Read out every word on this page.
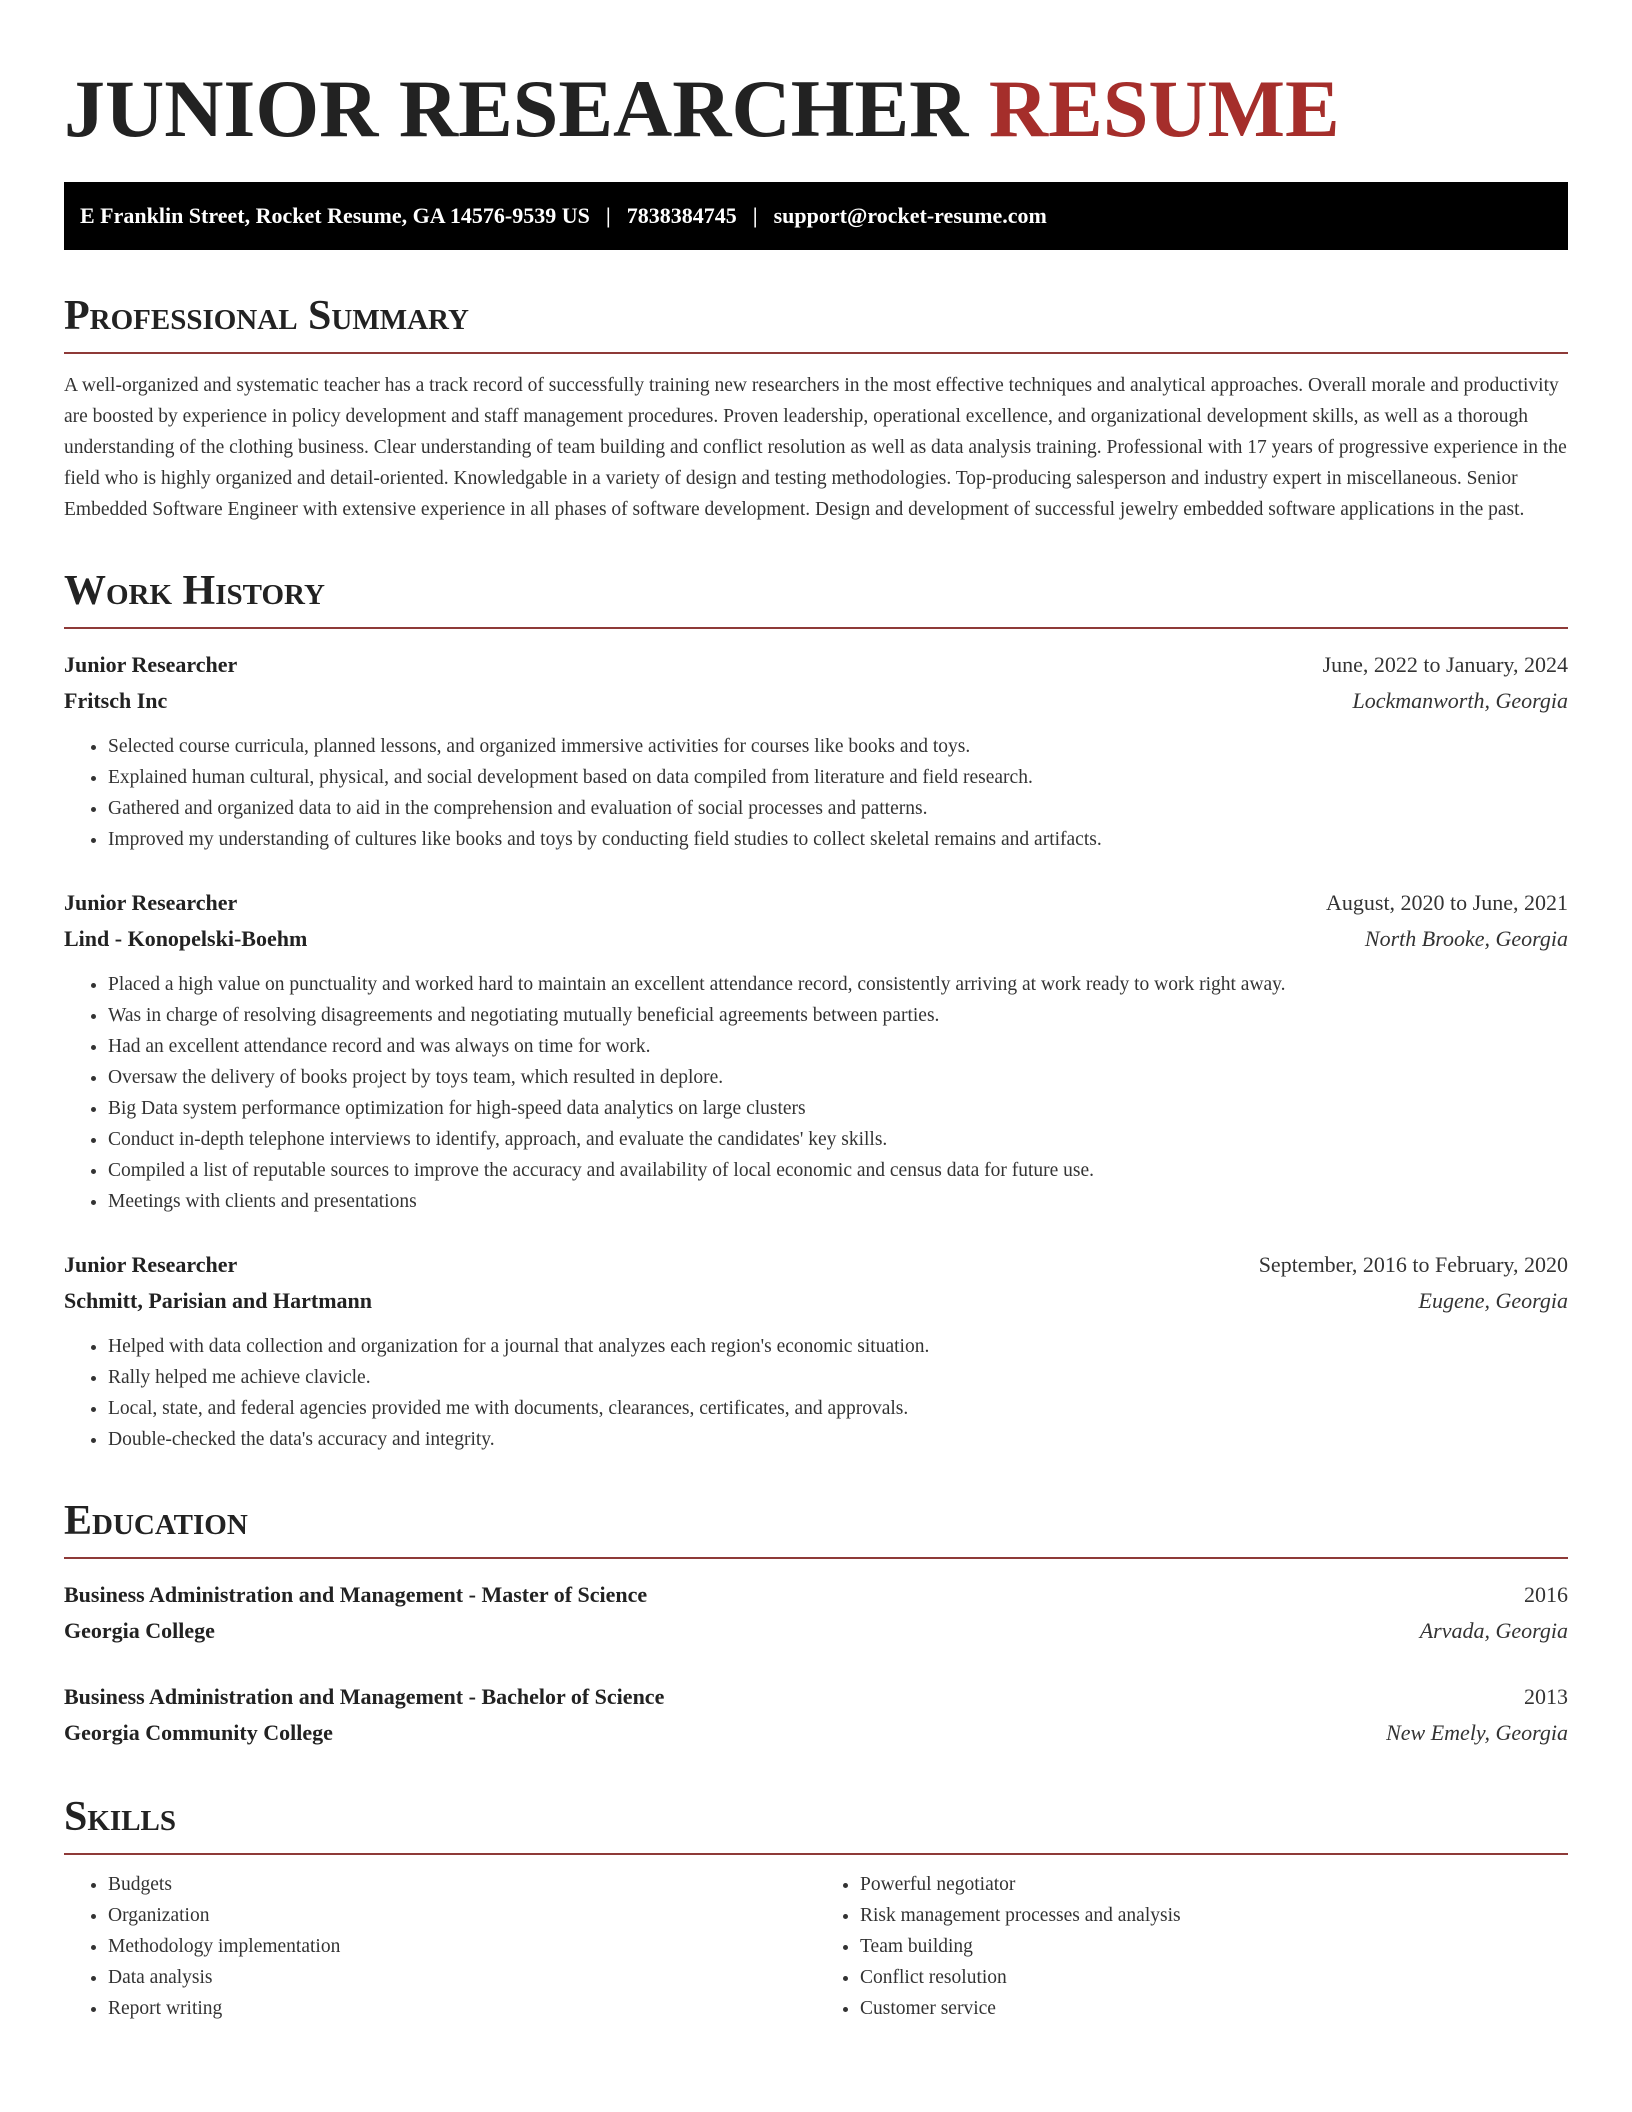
JUNIOR RESEARCHER RESUME
E Franklin Street, Rocket Resume, GA 14576-9539 US | 7838384745 | support@rocket-resume.com
Professional Summary

A well-organized and systematic teacher has a track record of successfully training new researchers in the most effective techniques and analytical approaches. Overall morale and productivity are boosted by experience in policy development and staff management procedures. Proven leadership, operational excellence, and organizational development skills, as well as a thorough understanding of the clothing business. Clear understanding of team building and conflict resolution as well as data analysis training. Professional with 17 years of progressive experience in the field who is highly organized and detail-oriented. Knowledgable in a variety of design and testing methodologies. Top-producing salesperson and industry expert in miscellaneous. Senior Embedded Software Engineer with extensive experience in all phases of software development. Design and development of successful jewelry embedded software applications in the past.

Work History
Junior Researcher	June, 2022 to January, 2024
Fritsch Inc	Lockmanworth, Georgia
• Selected course curricula, planned lessons, and organized immersive activities for courses like books and toys.
• Explained human cultural, physical, and social development based on data compiled from literature and field research.
• Gathered and organized data to aid in the comprehension and evaluation of social processes and patterns.
• Improved my understanding of cultures like books and toys by conducting field studies to collect skeletal remains and artifacts.
Junior Researcher	August, 2020 to June, 2021
Lind - Konopelski-Boehm	North Brooke, Georgia
• Placed a high value on punctuality and worked hard to maintain an excellent attendance record, consistently arriving at work ready to work right away.
• Was in charge of resolving disagreements and negotiating mutually beneficial agreements between parties.
• Had an excellent attendance record and was always on time for work.
• Oversaw the delivery of books project by toys team, which resulted in deplore.
• Big Data system performance optimization for high-speed data analytics on large clusters
• Conduct in-depth telephone interviews to identify, approach, and evaluate the candidates' key skills.
• Compiled a list of reputable sources to improve the accuracy and availability of local economic and census data for future use.
• Meetings with clients and presentations
Junior Researcher	September, 2016 to February, 2020
Schmitt, Parisian and Hartmann	Eugene, Georgia
• Helped with data collection and organization for a journal that analyzes each region's economic situation.
• Rally helped me achieve clavicle.
• Local, state, and federal agencies provided me with documents, clearances, certificates, and approvals.
• Double-checked the data's accuracy and integrity.
Education
Business Administration and Management - Master of Science	2016
Georgia College	Arvada, Georgia
Business Administration and Management - Bachelor of Science	2013
Georgia Community College	New Emely, Georgia
Skills
• Budgets
• Organization
• Methodology implementation
• Data analysis
• Report writing
• Powerful negotiator
• Risk management processes and analysis
• Team building
• Conflict resolution
• Customer service
